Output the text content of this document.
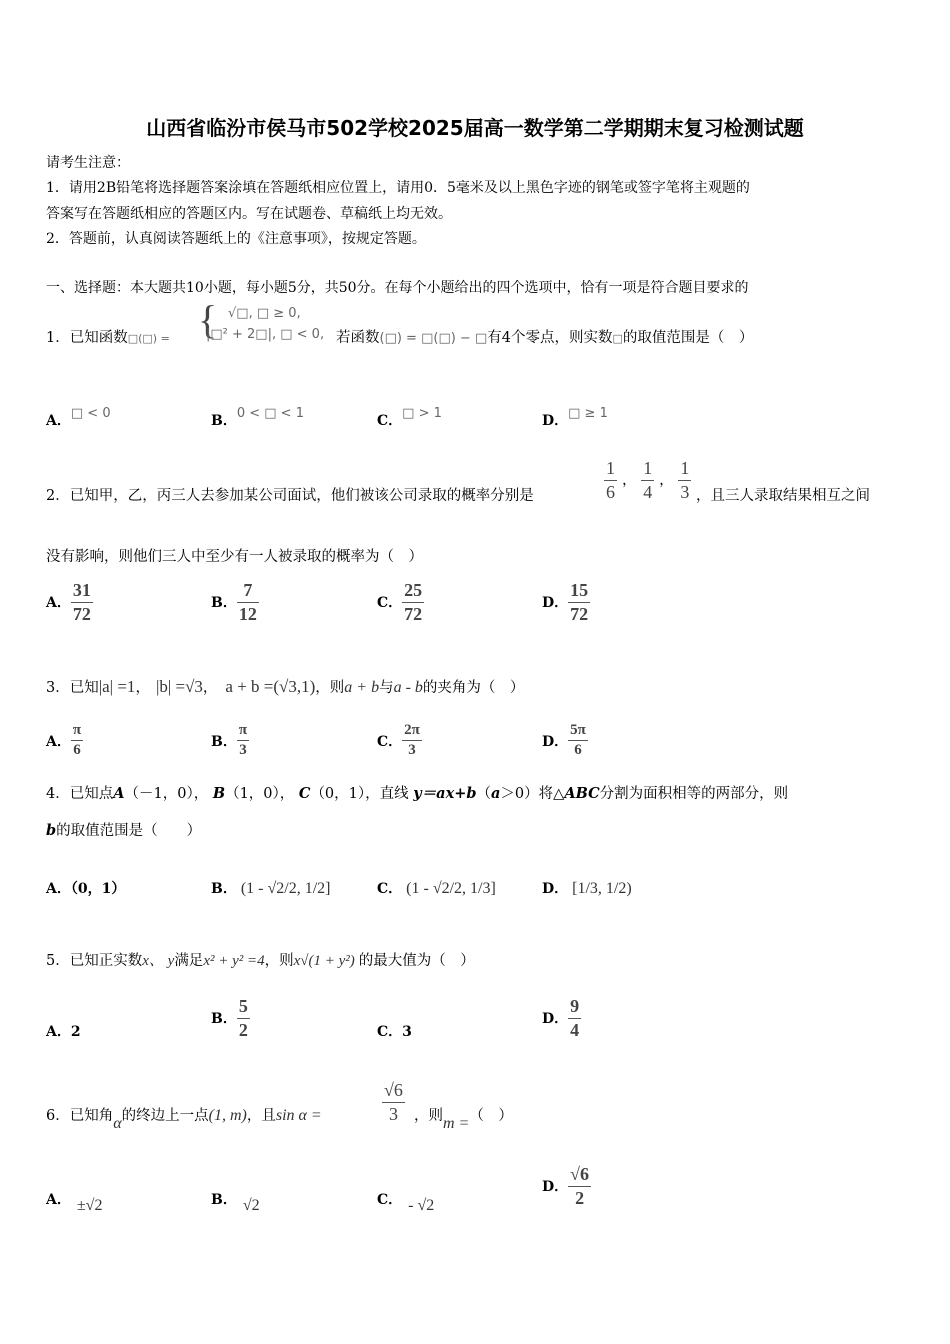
山西省临汾市侯马市502学校2025届高一数学第二学期期末复习检测试题
请考生注意：
1．请用2B铅笔将选择题答案涂填在答题纸相应位置上，请用0．5毫米及以上黑色字迹的钢笔或签字笔将主观题的
答案写在答题纸相应的答题区内。写在试题卷、草稿纸上均无效。
2．答题前，认真阅读答题纸上的《注意事项》，按规定答题。
一、选择题：本大题共10小题，每小题5分，共50分。在每个小题给出的四个选项中，恰有一项是符合题目要求的
1．已知函数□(□) = { √□, □ ≥ 0,
|□² + 2□|, □ < 0, 若函数(□) = □(□) − □有4个零点，则实数□的取值范围是（　）
A．□ < 0	B．0 < □ < 1	C．□ > 1	D．□ ≥ 1
2．已知甲，乙，丙三人去参加某公司面试，他们被该公司录取的概率分别是	$\frac{1}{6}$ ， $\frac{1}{4}$ ， $\frac{1}{3}$ ，且三人录取结果相互之间
没有影响，则他们三人中至少有一人被录取的概率为（　）
A． $\frac{31}{72}$	B． $\frac{7}{12}$	C． $\frac{25}{72}$	D． $\frac{15}{72}$
3．已知|a| =1， |b| =√3， a + b =(√3,1)，则a + b与a - b的夹角为（　）
A． $\frac{\pi}{6}$	B． $\frac{\pi}{3}$	C． $\frac{2\pi}{3}$	D． $\frac{5\pi}{6}$
4．已知点A（－1，0）， B（1，0）， C（0，1），直线 y＝ax+b（a＞0）将△ABC分割为面积相等的两部分，则
b的取值范围是（　　）
A．（0，1）	B． (1 - √2/2, 1/2]	C． (1 - √2/2, 1/3]	D． [1/3, 1/2)
5．已知正实数x、 y满足x² + y² =4，则x√(1 + y²) 的最大值为（　）
A．2
B． $\frac{5}{2}$	C．3
D． $\frac{9}{4}$
6．已知角α的终边上一点(1, m)，且sin α =	$\frac{√6}{3}$ ，则m =（　）
A． ±√2	B． √2	C． - √2
D． $\frac{√6}{2}$
